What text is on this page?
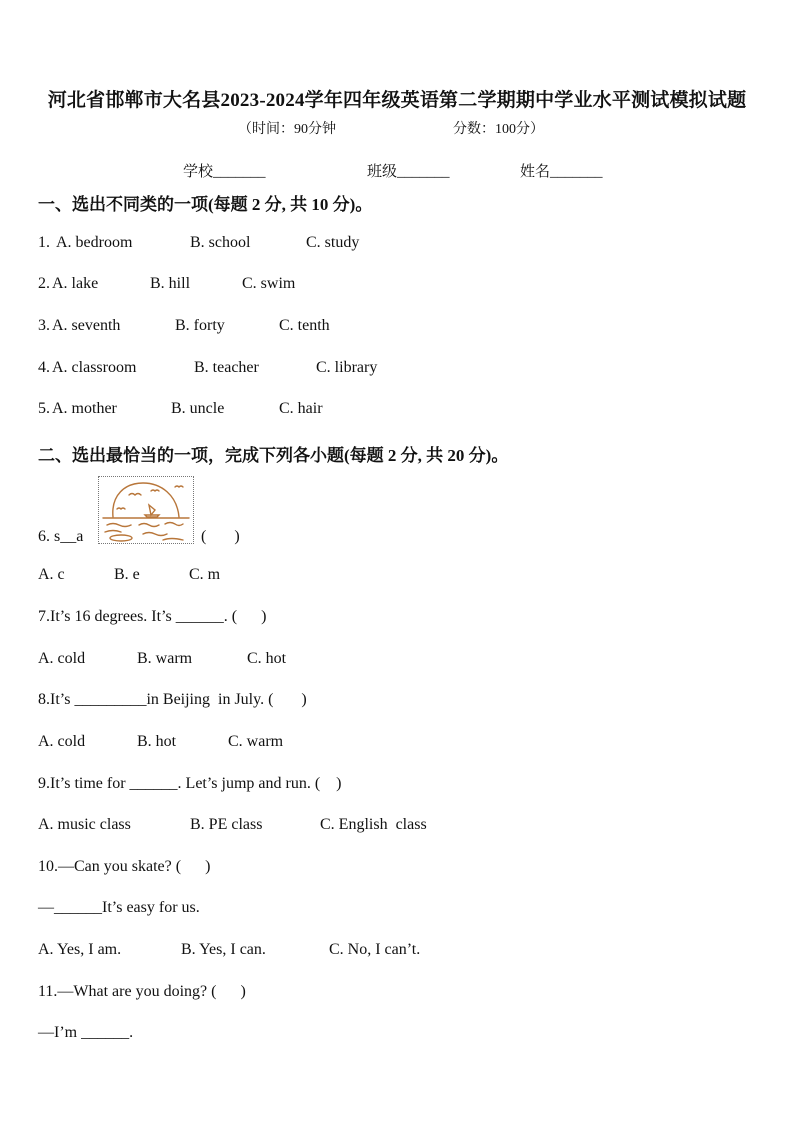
河北省邯郸市大名县2023-2024学年四年级英语第二学期期中学业水平测试模拟试题
（时间：90分钟	分数：100分）
学校_______	班级_______	姓名_______
一、选出不同类的一项(每题 2 分, 共 10 分)。
1. A. bedroom	B. school	C. study
2. A. lake	B. hill	C. swim
3. A. seventh	B. forty	C. tenth
4. A. classroom	B. teacher	C. library
5. A. mother	B. uncle	C. hair
二、选出最恰当的一项，完成下列各小题(每题 2 分, 共 20 分)。
6. s__a	(       )
A. c	B. e	C. m
7.It’s 16 degrees. It’s ______. (      )
A. cold	B. warm	C. hot
8.It’s _________in Beijing  in July. (       )
A. cold	B. hot	C. warm
9.It’s time for ______. Let’s jump and run. (    )
A. music class	B. PE class	C. English  class
10.—Can you skate? (      )
—______It’s easy for us.
A. Yes, I am.	B. Yes, I can.	C. No, I can’t.
11.—What are you doing? (      )
—I’m ______.
